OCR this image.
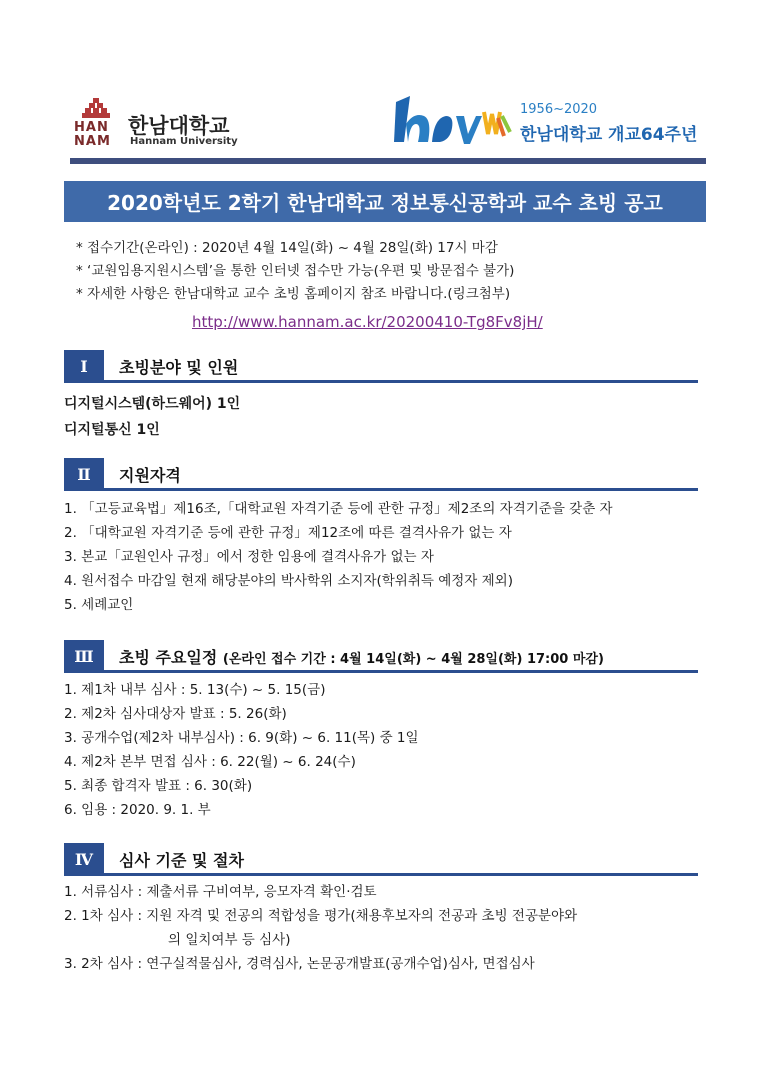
HAN
NAM
한남대학교
Hannam University
1956~2020
한남대학교 개교64주년
2020학년도 2학기 한남대학교 정보통신공학과 교수 초빙 공고
* 접수기간(온라인) : 2020년 4월 14일(화) ~ 4월 28일(화) 17시 마감
* ‘교원임용지원시스템’을 통한 인터넷 접수만 가능(우편 및 방문접수 불가)
* 자세한 사항은 한남대학교 교수 초빙 홈페이지 참조 바랍니다.(링크첨부)
http://www.hannam.ac.kr/20200410-Tg8Fv8jH/
Ⅰ	초빙분야 및 인원
디지털시스템(하드웨어) 1인
디지털통신 1인
Ⅱ	지원자격
1. 「고등교육법」제16조,「대학교원 자격기준 등에 관한 규정」제2조의 자격기준을 갖춘 자
2. 「대학교원 자격기준 등에 관한 규정」제12조에 따른 결격사유가 없는 자
3. 본교「교원인사 규정」에서 정한 임용에 결격사유가 없는 자
4. 원서접수 마감일 현재 해당분야의 박사학위 소지자(학위취득 예정자 제외)
5. 세례교인
Ⅲ	초빙 주요일정 (온라인 접수 기간 : 4월 14일(화) ~ 4월 28일(화) 17:00 마감)
1. 제1차 내부 심사 : 5. 13(수) ~ 5. 15(금)
2. 제2차 심사대상자 발표 : 5. 26(화)
3. 공개수업(제2차 내부심사) : 6. 9(화) ~ 6. 11(목) 중 1일
4. 제2차 본부 면접 심사 : 6. 22(월) ~ 6. 24(수)
5. 최종 합격자 발표 : 6. 30(화)
6. 임용 : 2020. 9. 1. 부
Ⅳ	심사 기준 및 절차
1. 서류심사 : 제출서류 구비여부, 응모자격 확인·검토
2. 1차 심사 : 지원 자격 및 전공의 적합성을 평가(채용후보자의 전공과 초빙 전공분야와
의 일치여부 등 심사)
3. 2차 심사 : 연구실적물심사, 경력심사, 논문공개발표(공개수업)심사, 면접심사
